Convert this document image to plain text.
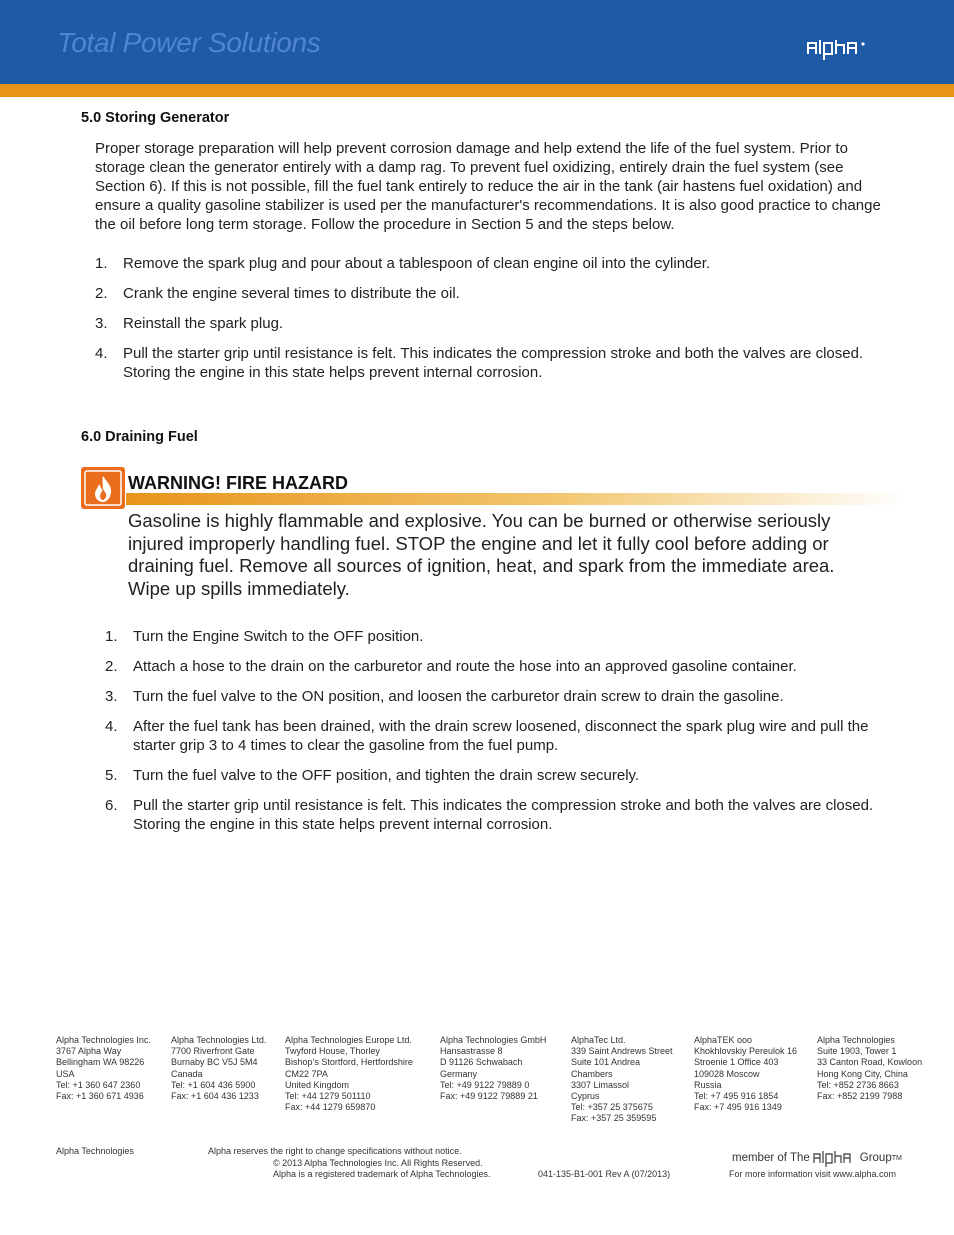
Total Power Solutions
5.0 Storing Generator

Proper storage preparation will help prevent corrosion damage and help extend the life of the fuel system. Prior to storage clean the generator entirely with a damp rag. To prevent fuel oxidizing, entirely drain the fuel system (see Section 6). If this is not possible, fill the fuel tank entirely to reduce the air in the tank (air hastens fuel oxidation) and ensure a quality gasoline stabilizer is used per the manufacturer's recommendations. It is also good practice to change the oil before long term storage. Follow the procedure in Section 5 and the steps below.

1. Remove the spark plug and pour about a tablespoon of clean engine oil into the cylinder.
2. Crank the engine several times to distribute the oil.
3. Reinstall the spark plug.
4. Pull the starter grip until resistance is felt. This indicates the compression stroke and both the valves are closed. Storing the engine in this state helps prevent internal corrosion.
6.0 Draining Fuel
WARNING! FIRE HAZARD

Gasoline is highly flammable and explosive. You can be burned or otherwise seriously injured improperly handling fuel. STOP the engine and let it fully cool before adding or draining fuel. Remove all sources of ignition, heat, and spark from the immediate area. Wipe up spills immediately.

1. Turn the Engine Switch to the OFF position.
2. Attach a hose to the drain on the carburetor and route the hose into an approved gasoline container.
3. Turn the fuel valve to the ON position, and loosen the carburetor drain screw to drain the gasoline.
4. After the fuel tank has been drained, with the drain screw loosened, disconnect the spark plug wire and pull the starter grip 3 to 4 times to clear the gasoline from the fuel pump.
5. Turn the fuel valve to the OFF position, and tighten the drain screw securely.
6. Pull the starter grip until resistance is felt. This indicates the compression stroke and both the valves are closed. Storing the engine in this state helps prevent internal corrosion.
Alpha Technologies Inc.
3767 Alpha Way
Bellingham WA 98226
USA
Tel: +1 360 647 2360
Fax: +1 360 671 4936
Alpha Technologies Ltd.
7700 Riverfront Gate
Burnaby BC V5J 5M4
Canada
Tel: +1 604 436 5900
Fax: +1 604 436 1233
Alpha Technologies Europe Ltd.
Twyford House, Thorley
Bishop’s Stortford, Hertfordshire
CM22 7PA
United Kingdom
Tel: +44 1279 501110
Fax: +44 1279 659870
Alpha Technologies GmbH
Hansastrasse 8
D 91126 Schwabach
Germany
Tel: +49 9122 79889 0
Fax: +49 9122 79889 21
AlphaTec Ltd.
339 Saint Andrews Street
Suite 101 Andrea
Chambers
3307 Limassol
Cyprus
Tel: +357 25 375675
Fax: +357 25 359595
AlphaTEK ooo
Khokhlovskiy Pereulok 16
Stroenie 1 Office 403
109028 Moscow
Russia
Tel: +7 495 916 1854
Fax: +7 495 916 1349
Alpha Technologies
Suite 1903, Tower 1
33 Canton Road, Kowloon
Hong Kong City, China
Tel: +852 2736 8663
Fax: +852 2199 7988
Alpha Technologies	Alpha reserves the right to change specifications without notice.
© 2013 Alpha Technologies Inc. All Rights Reserved.
Alpha is a registered trademark of Alpha Technologies.	041-135-B1-001 Rev A (07/2013)
member of The	Group TM
For more information visit www.alpha.com
